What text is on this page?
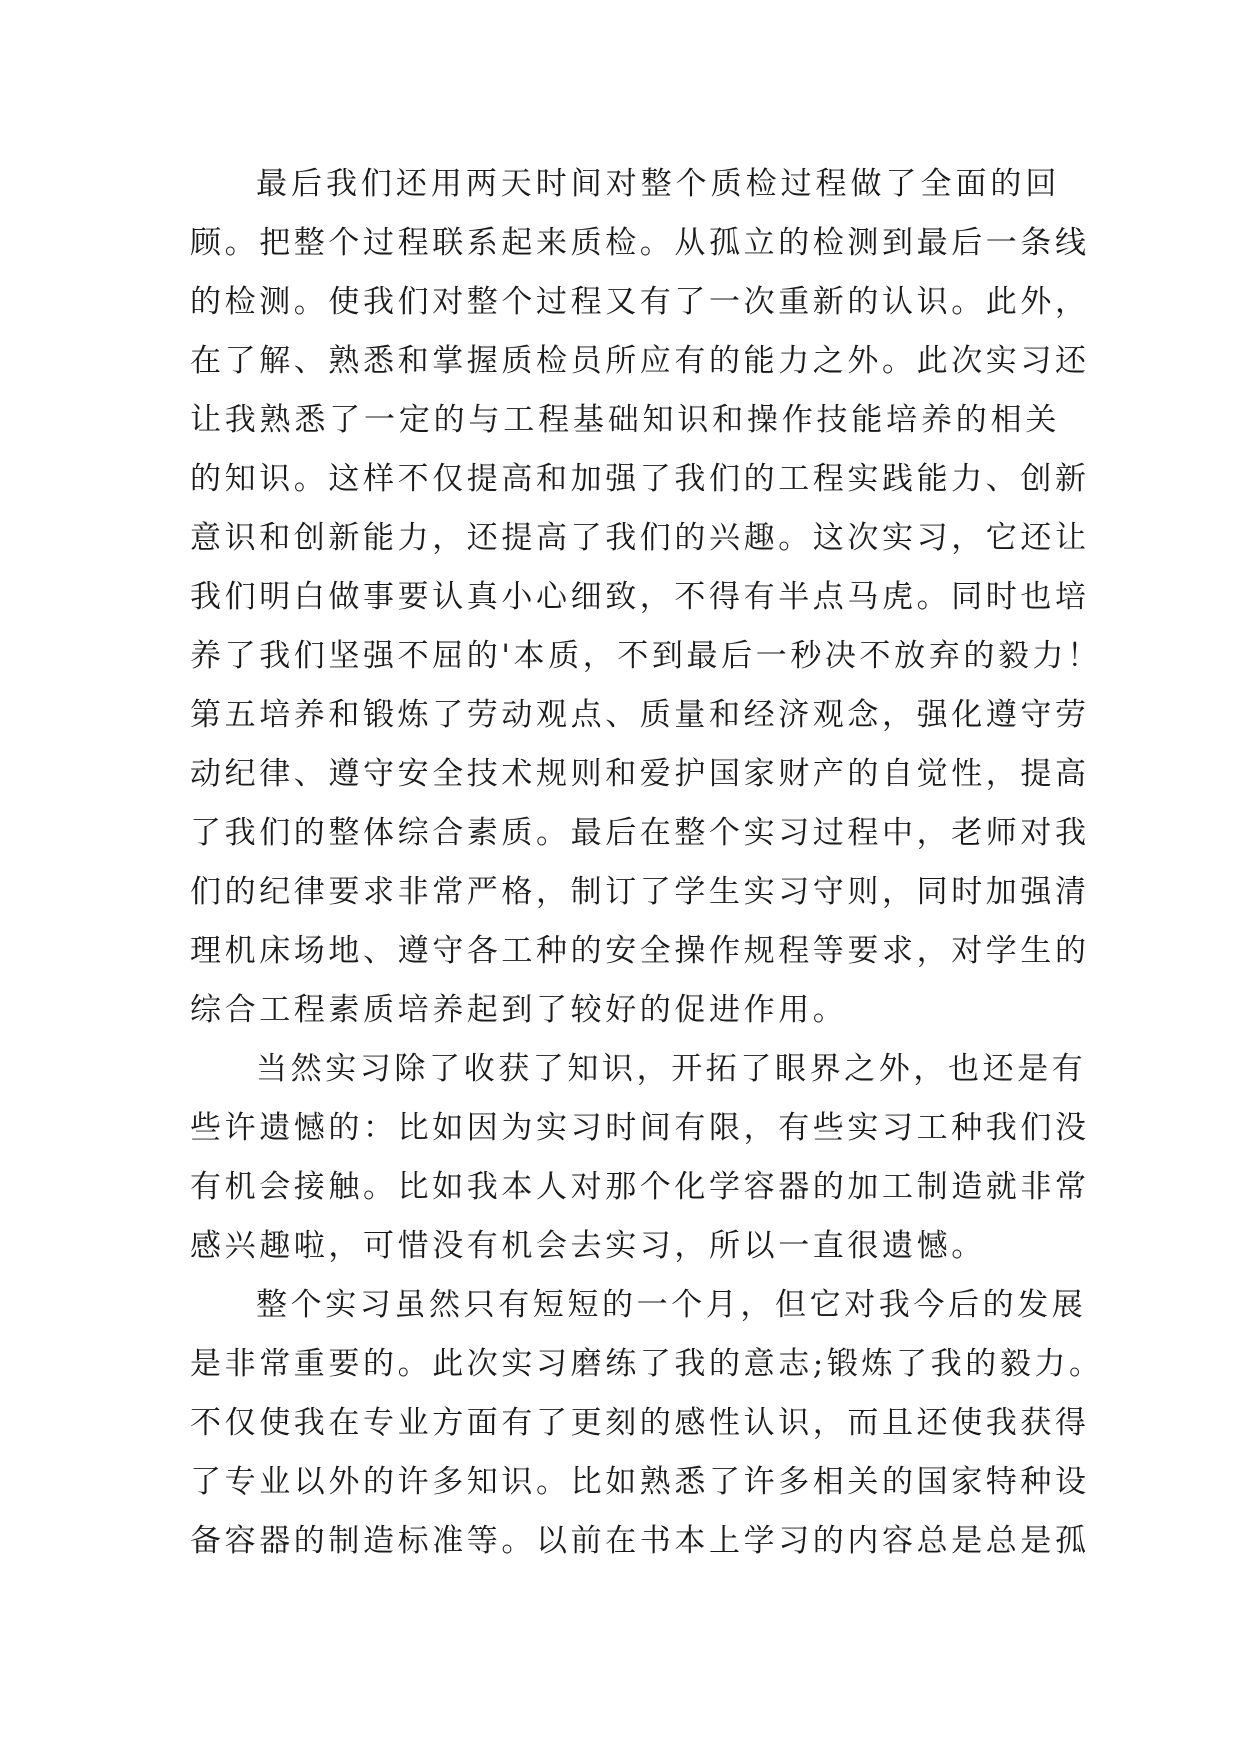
最后我们还用两天时间对整个质检过程做了全面的回
顾。把整个过程联系起来质检。从孤立的检测到最后一条线
的检测。使我们对整个过程又有了一次重新的认识。此外，
在了解、熟悉和掌握质检员所应有的能力之外。此次实习还
让我熟悉了一定的与工程基础知识和操作技能培养的相关
的知识。这样不仅提高和加强了我们的工程实践能力、创新
意识和创新能力，还提高了我们的兴趣。这次实习，它还让
我们明白做事要认真小心细致，不得有半点马虎。同时也培
养了我们坚强不屈的'本质，不到最后一秒决不放弃的毅力！
第五培养和锻炼了劳动观点、质量和经济观念，强化遵守劳
动纪律、遵守安全技术规则和爱护国家财产的自觉性，提高
了我们的整体综合素质。最后在整个实习过程中，老师对我
们的纪律要求非常严格，制订了学生实习守则，同时加强清
理机床场地、遵守各工种的安全操作规程等要求，对学生的
综合工程素质培养起到了较好的促进作用。
当然实习除了收获了知识，开拓了眼界之外，也还是有
些许遗憾的：比如因为实习时间有限，有些实习工种我们没
有机会接触。比如我本人对那个化学容器的加工制造就非常
感兴趣啦，可惜没有机会去实习，所以一直很遗憾。
整个实习虽然只有短短的一个月，但它对我今后的发展
是非常重要的。此次实习磨练了我的意志;锻炼了我的毅力。
不仅使我在专业方面有了更刻的感性认识，而且还使我获得
了专业以外的许多知识。比如熟悉了许多相关的国家特种设
备容器的制造标准等。以前在书本上学习的内容总是总是孤
